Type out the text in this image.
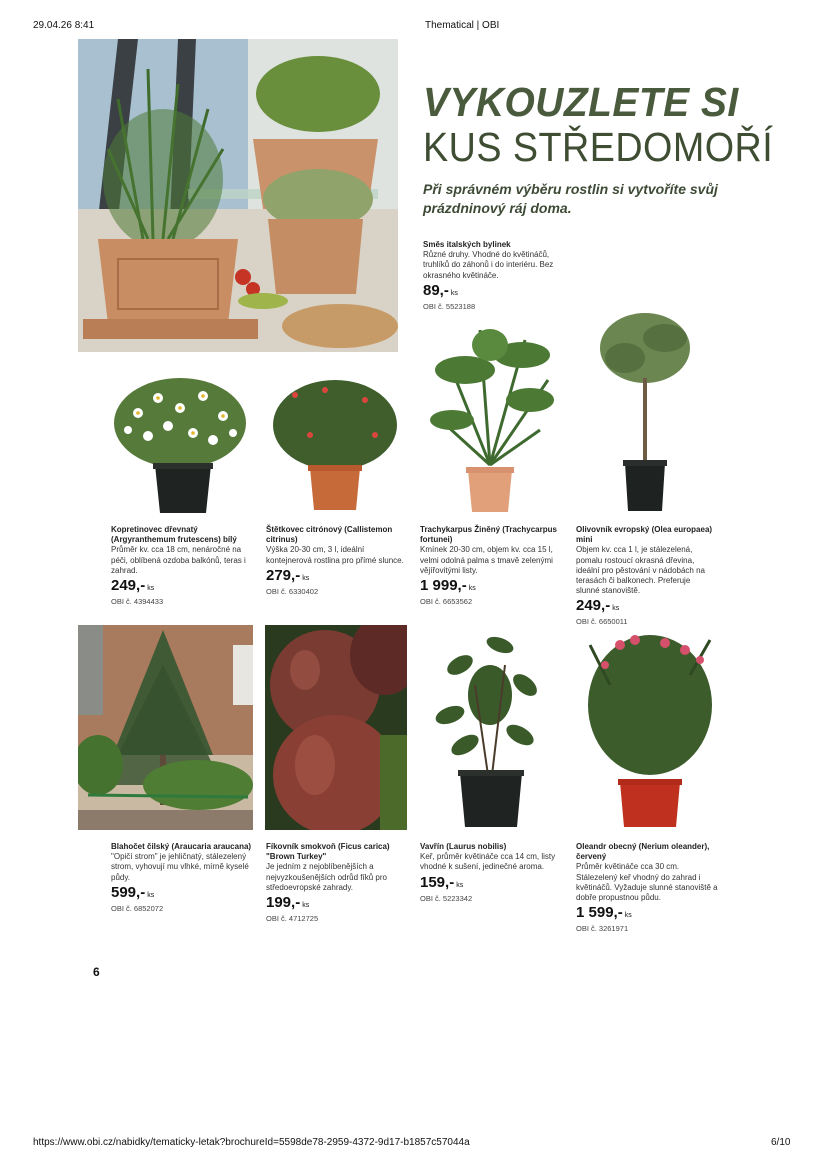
29.04.26 8:41	Thematical | OBI
VYKOUZLETE SI
KUS STŘEDOMOŘÍ
Při správném výběru rostlin si vytvoříte svůj prázdninový ráj doma.
Směs italských bylinek
Různé druhy. Vhodné do květináčů, truhlíků do záhonů i do interiéru. Bez okrasného květináče.
89,- ks
OBI č. 5523188
Kopretinovec dřevnatý (Argyranthemum frutescens) bílý
Průměr kv. cca 18 cm, nenáročné na péči, oblíbená ozdoba balkónů, teras i zahrad.
249,- ks
OBI č. 4394433
Štětkovec citrónový (Callistemon citrinus)
Výška 20-30 cm, 3 l, ideální kontejnerová rostlina pro přímé slunce.
279,- ks
OBI č. 6330402
Trachykarpus Žiněný (Trachycarpus fortunei)
Kmínek 20-30 cm, objem kv. cca 15 l, velmi odolná palma s tmavě zelenými vějířovitými listy.
1 999,- ks
OBI č. 6653562
Olivovník evropský (Olea europaea) mini
Objem kv. cca 1 l, je stálezelená, pomalu rostoucí okrasná dřevina, ideální pro pěstování v nádobách na terasách či balkonech. Preferuje slunné stanoviště.
249,- ks
OBI č. 6650011
Blahočet čilský (Araucaria araucana)
"Opičí strom" je jehličnatý, stálezelený strom, vyhovují mu vlhké, mírně kyselé půdy.
599,- ks
OBI č. 6852072
Fíkovník smokvoň (Ficus carica) "Brown Turkey"
Je jedním z nejoblíbenějších a nejvyzkoušenějších odrůd fíků pro středoevropské zahrady.
199,- ks
OBI č. 4712725
Vavřín (Laurus nobilis)
Keř, průměr květináče cca 14 cm, listy vhodné k sušení, jedinečné aroma.
159,- ks
OBI č. 5223342
Oleandr obecný (Nerium oleander), červený
Průměr květináče cca 30 cm. Stálezelený keř vhodný do zahrad i květináčů. Vyžaduje slunné stanoviště a dobře propustnou půdu.
1 599,- ks
OBI č. 3261971
6
https://www.obi.cz/nabidky/tematicky-letak?brochureId=5598de78-2959-4372-9d17-b1857c57044a	6/10
